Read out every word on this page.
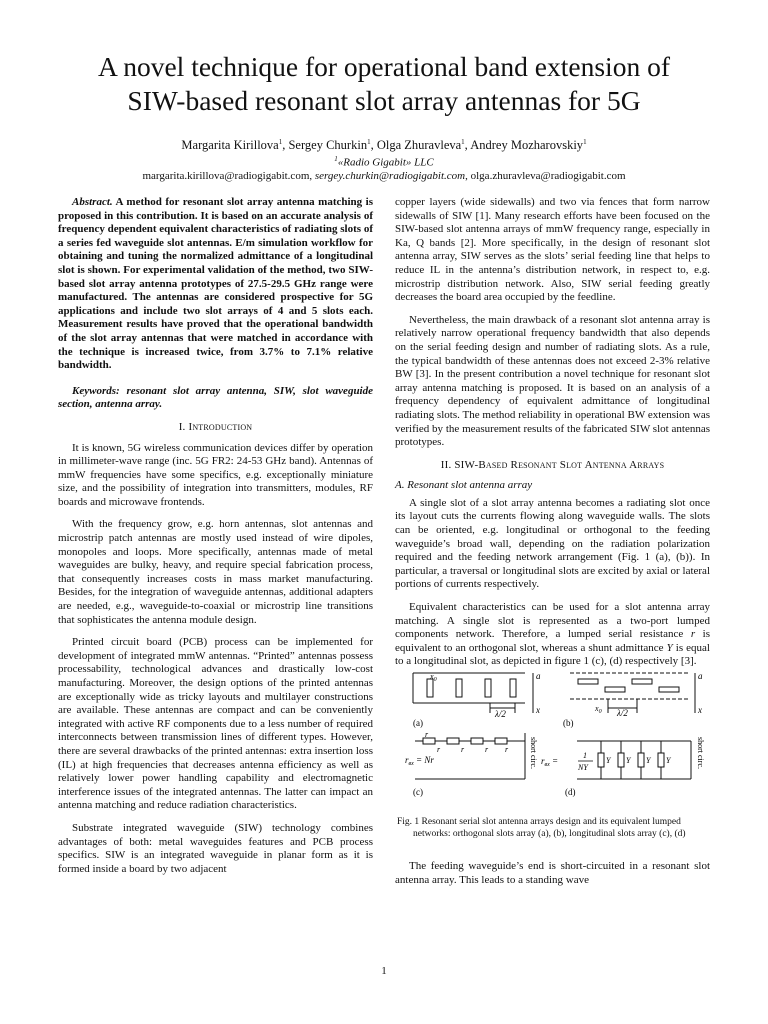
A novel technique for operational band extension of
SIW-based resonant slot array antennas for 5G
Margarita Kirillova$^1$, Sergey Churkin$^1$, Olga Zhuravleva$^1$, Andrey Mozharovskiy$^1$
$^1$«Radio Gigabit» LLC
margarita.kirillova@radiogigabit.com, sergey.churkin@radiogigabit.com, olga.zhuravleva@radiogigabit.com

Abstract. A method for resonant slot array antenna matching is proposed in this contribution. It is based on an accurate analysis of frequency dependent equivalent characteristics of radiating slots of a series fed waveguide slot antennas. E/m simulation workflow for obtaining and tuning the normalized admittance of a longitudinal slot is shown. For experimental validation of the method, two SIW-based slot array antenna prototypes of 27.5-29.5 GHz range were manufactured. The antennas are considered prospective for 5G applications and include two slot arrays of 4 and 5 slots each. Measurement results have proved that the operational bandwidth of the slot array antennas that were matched in accordance with the technique is increased twice, from 3.7% to 7.1% relative bandwidth.

Keywords: resonant slot array antenna, SIW, slot waveguide section, antenna array.

I. Introduction

It is known, 5G wireless communication devices differ by operation in millimeter-wave range (inc. 5G FR2: 24-53 GHz band). Antennas of mmW frequencies have some specifics, e.g. exceptionally miniature size, and the possibility of integration into transmitters, modules, RF boards and microwave frontends.

With the frequency grow, e.g. horn antennas, slot antennas and microstrip patch antennas are mostly used instead of wire dipoles, monopoles and loops. More specifically, antennas made of metal waveguides are bulky, heavy, and require special fabrication process, that consequently increases costs in mass market manufacturing. Besides, for the integration of waveguide antennas, additional adapters are needed, e.g., waveguide-to-coaxial or microstrip line transitions that sophisticates the antenna module design.

Printed circuit board (PCB) process can be implemented for development of integrated mmW antennas. “Printed” antennas possess processability, technological advances and drastically low-cost manufacturing. Moreover, the design options of the printed antennas are exceptionally wide as tricky layouts and multilayer constructions are available. These antennas are compact and can be conveniently integrated with active RF components due to a less number of required interconnects between transmission lines of different types. However, there are several drawbacks of the printed antennas: extra insertion loss (IL) at high frequencies that decreases antenna efficiency as well as relatively lower power handling capability and electromagnetic interference issues of the integrated antennas. The latter can impact an antenna matching and reduce radiation characteristics.

Substrate integrated waveguide (SIW) technology combines advantages of both: metal waveguides features and PCB process specifics. SIW is an integrated waveguide in planar form as it is formed inside a board by two adjacent

copper layers (wide sidewalls) and two via fences that form narrow sidewalls of SIW [1]. Many research efforts have been focused on the SIW-based slot antenna arrays of mmW frequency range, especially in Ka, Q bands [2]. More specifically, in the design of resonant slot antenna array, SIW serves as the slots’ serial feeding line that helps to reduce IL in the antenna’s distribution network, in respect to, e.g. microstrip distribution network. Also, SIW serial feeding greatly decreases the board area occupied by the feedline.

Nevertheless, the main drawback of a resonant slot antenna array is relatively narrow operational frequency bandwidth that also depends on the serial feeding design and number of radiating slots. As a rule, the typical bandwidth of these antennas does not exceed 2-3% relative BW [3]. In the present contribution a novel technique for resonant slot array antenna matching is proposed. It is based on an analysis of a frequency dependency of equivalent admittance of longitudinal radiating slots. The method reliability in operational BW extension was verified by the measurement results of the fabricated SIW slot antennas prototypes.

II. SIW-Based Resonant Slot Antenna Arrays
A. Resonant slot antenna array

A single slot of a slot array antenna becomes a radiating slot once its layout cuts the currents flowing along waveguide walls. The slots can be oriented, e.g. longitudinal or orthogonal to the feeding waveguide’s broad wall, depending on the radiation polarization required and the feeding network arrangement (Fig. 1 (a), (b)). In particular, a traversal or longitudinal slots are excited by axial or lateral portions of currents respectively.

Equivalent characteristics can be used for a slot antenna array matching. A single slot is represented as a two-port lumped components network. Therefore, a lumped serial resistance r is equivalent to an orthogonal slot, whereas a shunt admittance Y is equal to a longitudinal slot, as depicted in figure 1 (c), (d) respectively [3].

a
x
$x_0$
λ/2
(a)
a
x
$x_0$ λ/2
(b)
r
r	r	r r
$r_{вх} = Nr$	short circ.
(c)
Y Y Y Y
$r_{вх}$ =
1
NY	short circ.
(d)

Fig. 1 Resonant serial slot antenna arrays design and its equivalent lumped
networks: orthogonal slots array (a), (b), longitudinal slots array (c), (d)

The feeding waveguide’s end is short-circuited in a resonant slot antenna array. This leads to a standing wave

1
